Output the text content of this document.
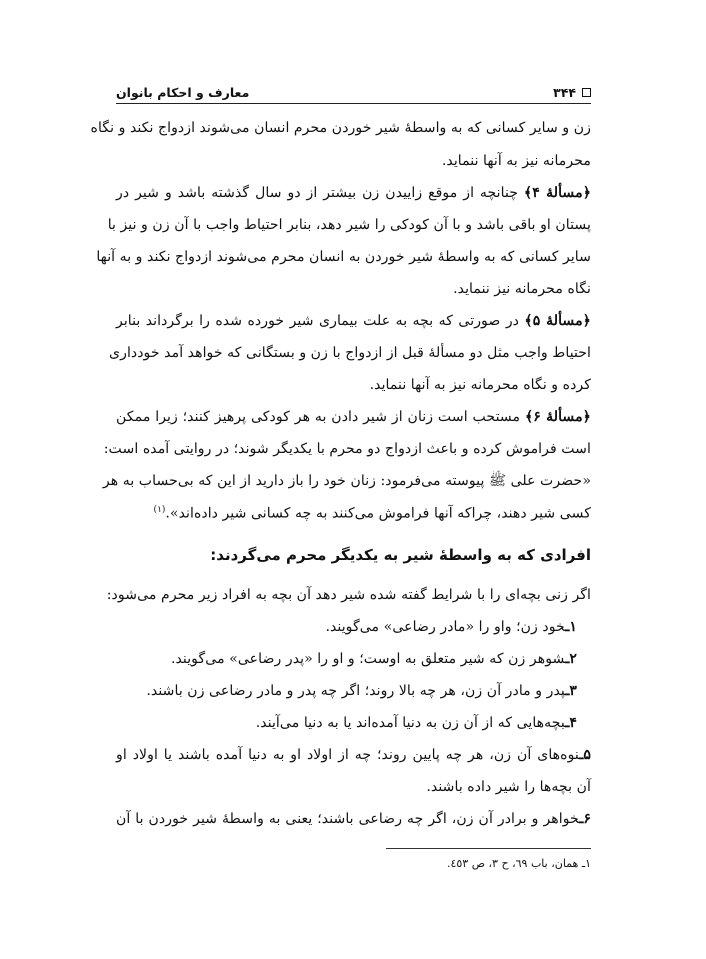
معارف و احکام بانوان	۳۴۴
زن و سایر کسانی که به واسطهٔ شیر خوردن محرم انسان می‌شوند ازدواج نکند و نگاه
محرمانه نیز به آنها ننماید.
﴿مسألهٔ ۴﴾ چنانچه از موقع زاییدن زن بیشتر از دو سال گذشته باشد و شیر در
پستان او باقی باشد و با آن کودکی را شیر دهد، بنابر احتیاط واجب با آن زن و نیز با
سایر کسانی که به واسطهٔ شیر خوردن به انسان محرم می‌شوند ازدواج نکند و به آنها
نگاه محرمانه نیز ننماید.
﴿مسألهٔ ۵﴾ در صورتی که بچه به علت بیماری شیر خورده شده را برگرداند بنابر
احتیاط واجب مثل دو مسألهٔ قبل از ازدواج با زن و بستگانی که خواهد آمد خودداری
کرده و نگاه محرمانه نیز به آنها ننماید.
﴿مسألهٔ ۶﴾ مستحب است زنان از شیر دادن به هر کودکی پرهیز کنند؛ زیرا ممکن
است فراموش کرده و باعث ازدواج دو محرم با یکدیگر شوند؛ در روایتی آمده است:
«حضرت علی ﷺ پیوسته می‌فرمود: زنان خود را باز دارید از این که بی‌حساب به هر
کسی شیر دهند، چراکه آنها فراموش می‌کنند به چه کسانی شیر داده‌اند».$^{(۱)}$
افرادی که به واسطهٔ شیر به یکدیگر محرم می‌گردند:
اگر زنی بچه‌ای را با شرایط گفته شده شیر دهد آن بچه به افراد زیر محرم می‌شود:
۱ـخود زن؛ واو را «مادر رضاعی» می‌گویند.
۲ـشوهر زن که شیر متعلق به اوست؛ و او را «پدر رضاعی» می‌گویند.
۳ـپدر و مادر آن زن، هر چه بالا روند؛ اگر چه پدر و مادر رضاعی زن باشند.
۴ـبچه‌هایی که از آن زن به دنیا آمده‌اند یا به دنیا می‌آیند.
۵ـنوه‌های آن زن، هر چه پایین روند؛ چه از اولاد او به دنیا آمده باشند یا اولاد او
آن بچه‌ها را شیر داده باشند.
۶ـخواهر و برادر آن زن، اگر چه رضاعی باشند؛ یعنی به واسطهٔ شیر خوردن با آن
۱ـ همان، باب ٦٩، ح ٣، ص ٤٥٣.
